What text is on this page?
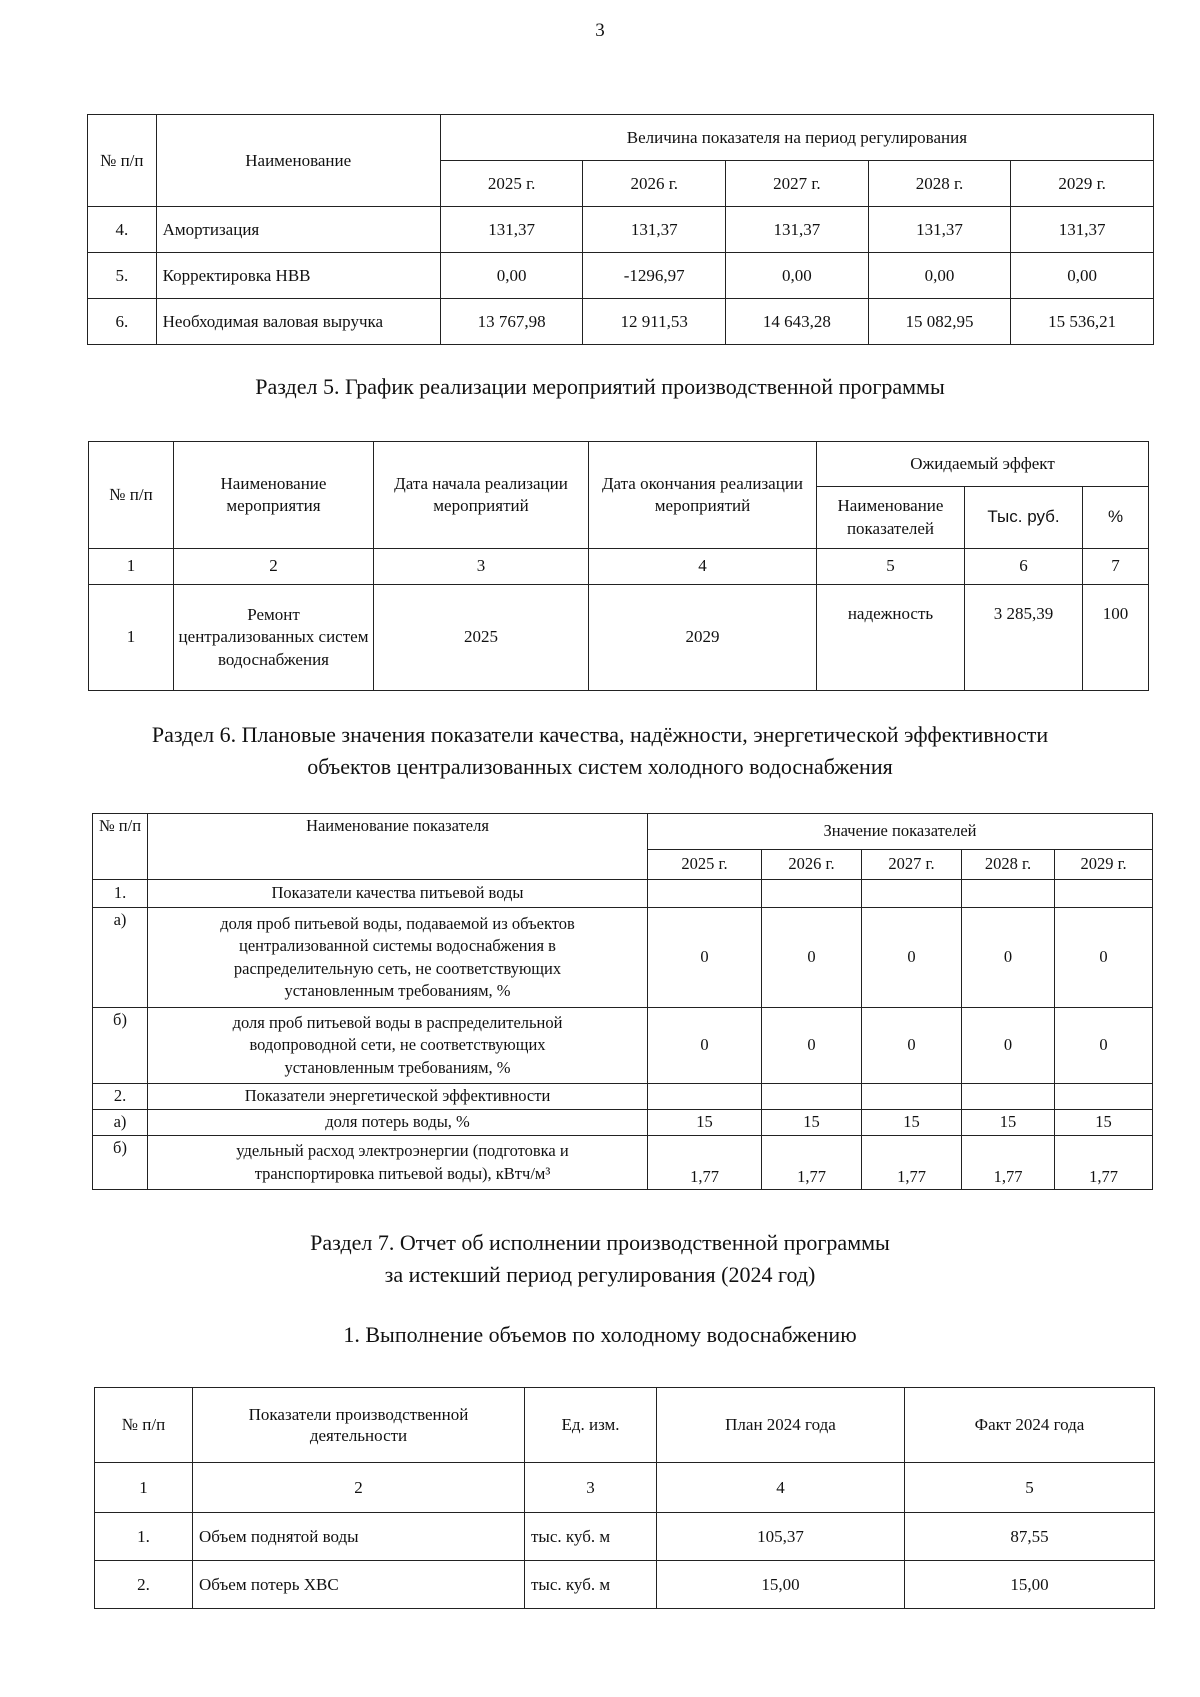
3
№ п/п	Наименование	Величина показателя на период регулирования				
		2025 г.	2026 г.	2027 г.	2028 г.	2029 г.
4.	Амортизация	131,37	131,37	131,37	131,37	131,37
5.	Корректировка НВВ	0,00	-1296,97	0,00	0,00	0,00
6.	Необходимая валовая выручка	13 767,98	12 911,53	14 643,28	15 082,95	15 536,21
Раздел 5. График реализации мероприятий производственной программы
№ п/п	Наименование мероприятия	Дата начала реализации мероприятий	Дата окончания реализации мероприятий	Ожидаемый эффект		
				Наименование показателей	Тыс. руб.	%
1	2	3	4	5	6	7
1	Ремонт централизованных систем водоснабжения	2025	2029	надежность	3 285,39	100
Раздел 6. Плановые значения показатели качества, надёжности, энергетической эффективности
объектов централизованных систем холодного водоснабжения
№ п/п	Наименование показателя	Значение показателей				
		2025 г.	2026 г.	2027 г.	2028 г.	2029 г.
1.	Показатели качества питьевой воды					
а)	доля проб питьевой воды, подаваемой из объектов централизованной системы водоснабжения в распределительную сеть, не соответствующих установленным требованиям, %	0	0	0	0	0
б)	доля проб питьевой воды в распределительной водопроводной сети, не соответствующих установленным требованиям, %	0	0	0	0	0
2.	Показатели энергетической эффективности					
а)	доля потерь воды, %	15	15	15	15	15
б)	удельный расход электроэнергии (подготовка и транспортировка питьевой воды), кВтч/м³	1,77	1,77	1,77	1,77	1,77
Раздел 7. Отчет об исполнении производственной программы
за истекший период регулирования (2024 год)
1. Выполнение объемов по холодному водоснабжению
№ п/п	Показатели производственной деятельности	Ед. изм.	План 2024 года	Факт 2024 года
1	2	3	4	5
1.	Объем поднятой воды	тыс. куб. м	105,37	87,55
2.	Объем потерь ХВС	тыс. куб. м	15,00	15,00
